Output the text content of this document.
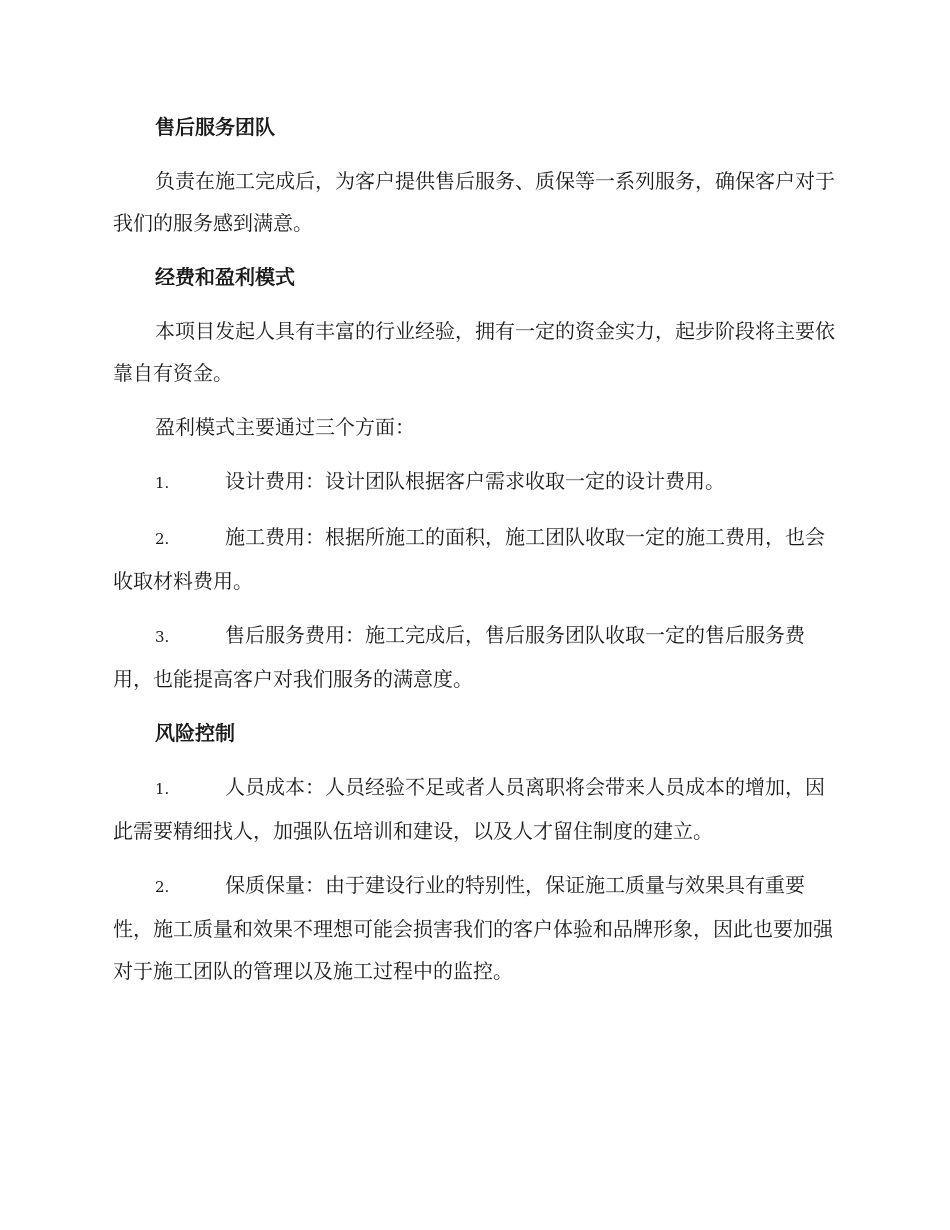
售后服务团队
负责在施工完成后，为客户提供售后服务、质保等一系列服务，确保客户对于我们的服务感到满意。
经费和盈利模式
本项目发起人具有丰富的行业经验，拥有一定的资金实力，起步阶段将主要依靠自有资金。
盈利模式主要通过三个方面：
1.	设计费用：设计团队根据客户需求收取一定的设计费用。
2.	施工费用：根据所施工的面积，施工团队收取一定的施工费用，也会收取材料费用。
3.	售后服务费用：施工完成后，售后服务团队收取一定的售后服务费用，也能提高客户对我们服务的满意度。
风险控制
1.	人员成本：人员经验不足或者人员离职将会带来人员成本的增加，因此需要精细找人，加强队伍培训和建设，以及人才留住制度的建立。
2.	保质保量：由于建设行业的特别性，保证施工质量与效果具有重要性，施工质量和效果不理想可能会损害我们的客户体验和品牌形象，因此也要加强对于施工团队的管理以及施工过程中的监控。
